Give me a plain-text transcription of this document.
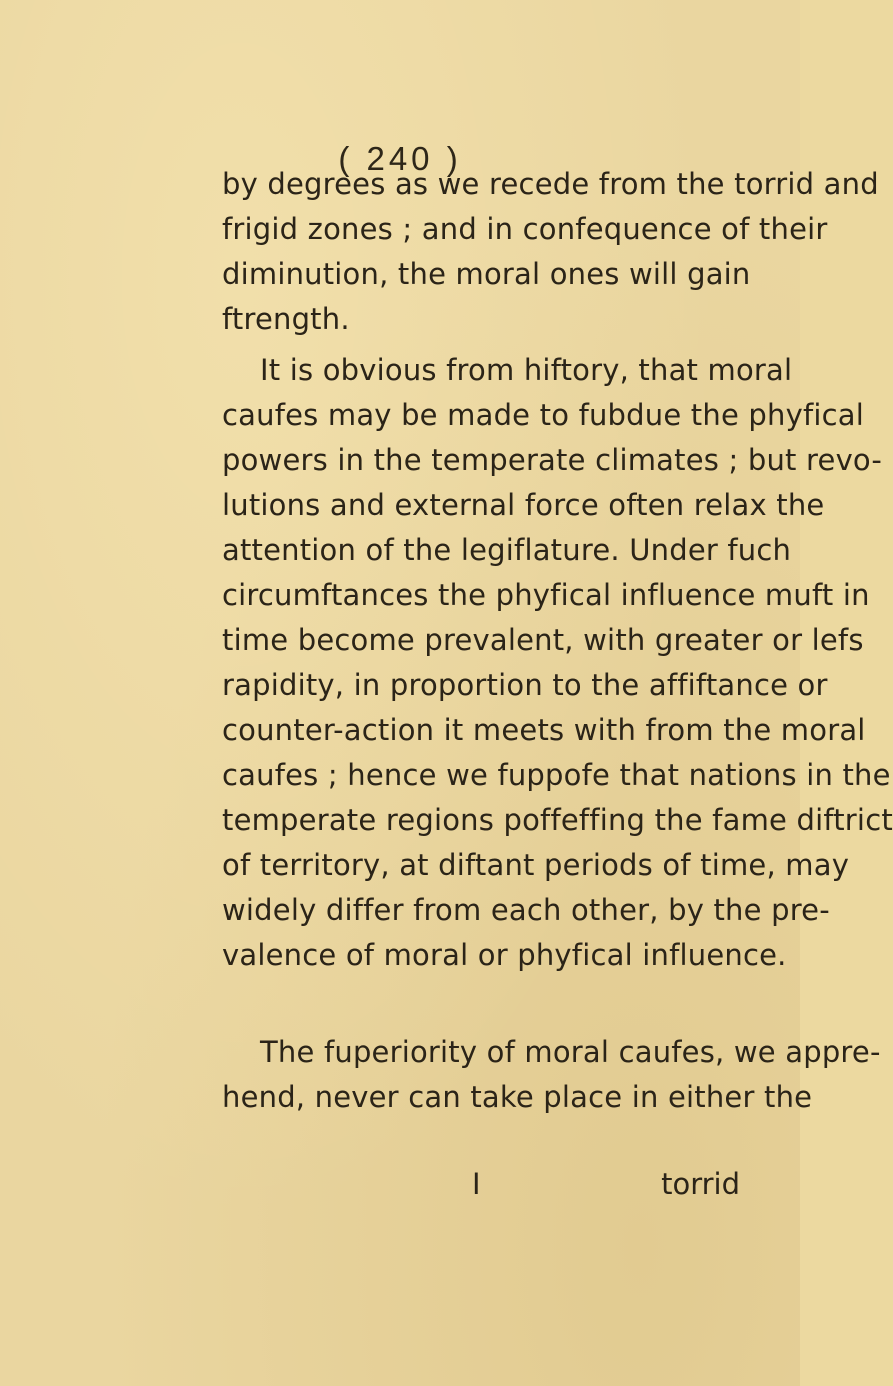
( 240 )
by degrees as we recede from the torrid and
frigid zones ; and in confequence of their
diminution, the moral ones will gain
ftrength.
It is obvious from hiftory, that moral
caufes may be made to fubdue the phyfical
powers in the temperate climates ; but revo-
lutions and external force often relax the
attention of the legiflature. Under fuch
circumftances the phyfical influence muft in
time become prevalent, with greater or lefs
rapidity, in proportion to the affiftance or
counter-action it meets with from the moral
caufes ; hence we fuppofe that nations in the
temperate regions poffeffing the fame diftrict
of territory, at diftant periods of time, may
widely differ from each other, by the pre-
valence of moral or phyfical influence.
The fuperiority of moral caufes, we appre-
hend, never can take place in either the
I	torrid
